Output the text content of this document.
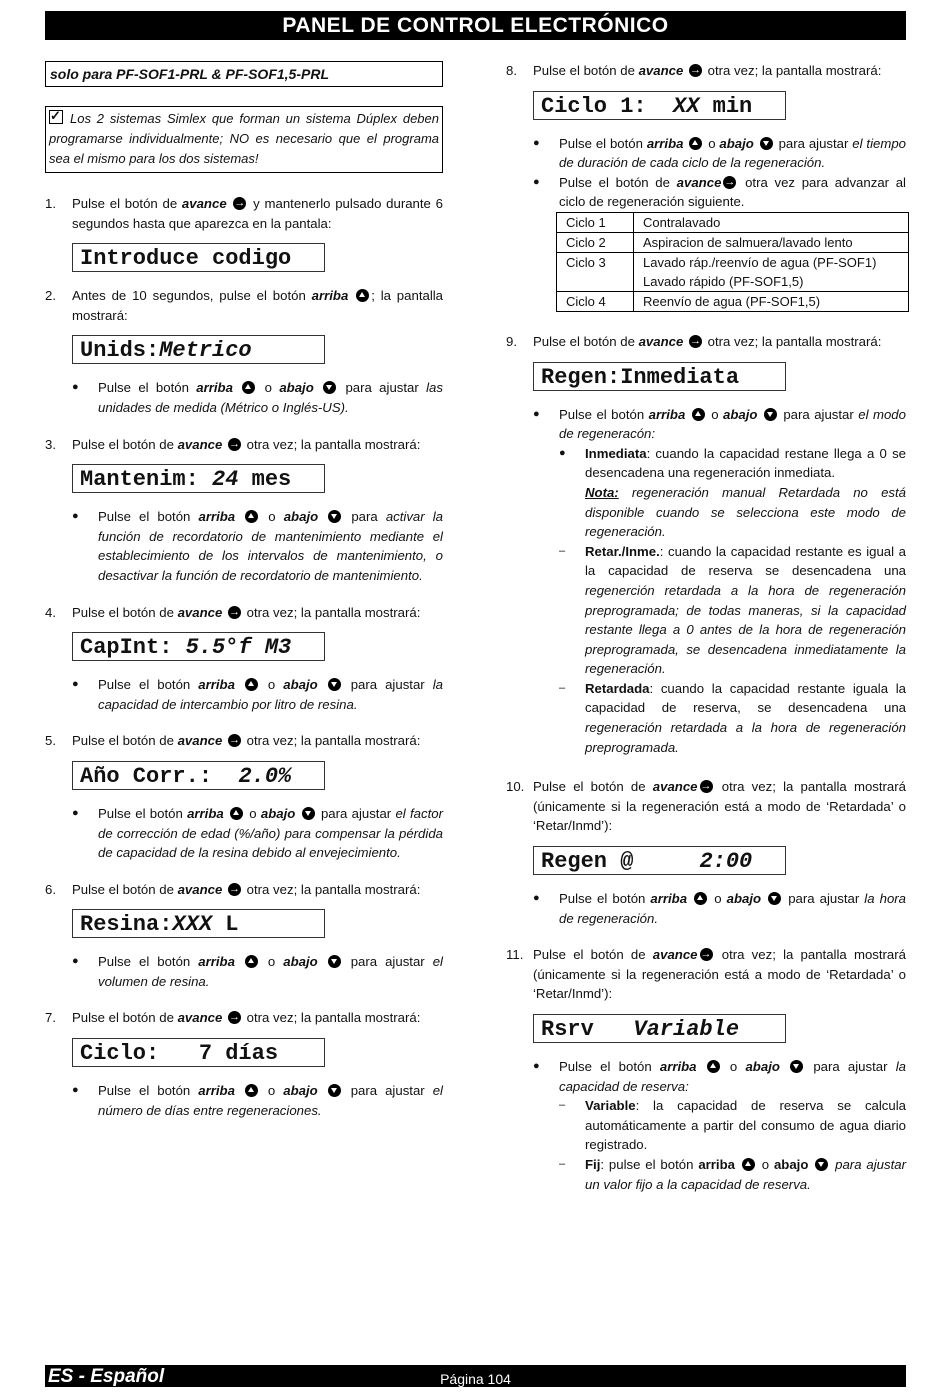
PANEL DE CONTROL ELECTRÓNICO
solo para PF-SOF1-PRL & PF-SOF1,5-PRL
✓Los 2 sistemas Simlex que forman un sistema Dúplex deben programarse individualmente; NO es necesario que el programa sea el mismo para los dos sistemas!
1.	Pulse el botón de avance → y mantenerlo pulsado durante 6 segundos hasta que aparezca en la pantala:
Introduce codigo
2.	Antes de 10 segundos, pulse el botón arriba ; la pantalla mostrará:
Unids:Metrico
●	Pulse el botón arriba o abajo para ajustar las unidades de medida (Métrico o Inglés-US).
3.	Pulse el botón de avance → otra vez; la pantalla mostrará:
Mantenim: 24 mes
●	Pulse el botón arriba	o abajo	para activar la función de recordatorio de mantenimiento mediante el establecimiento de los intervalos de mantenimiento, o desactivar la función de recordatorio de mantenimiento.
4.	Pulse el botón de avance → otra vez; la pantalla mostrará:
CapInt: 5.5°f M3
●	Pulse el botón arriba	o abajo	para ajustar la capacidad de intercambio por litro de resina.
5.	Pulse el botón de avance → otra vez; la pantalla mostrará:
Año Corr.:  2.0%
●	Pulse el botón arriba o abajo para ajustar el factor de corrección de edad (%/año) para compensar la pérdida de capacidad de la resina debido al envejecimiento.
6.	Pulse el botón de avance → otra vez; la pantalla mostrará:
Resina:XXX L
●	Pulse el botón arriba	o abajo	para ajustar el volumen de resina.
7.	Pulse el botón de avance → otra vez; la pantalla mostrará:
Ciclo:   7 días
●	Pulse el botón arriba	o abajo	para ajustar el número de días entre regeneraciones.
8.	Pulse el botón de avance → otra vez; la pantalla mostrará:
Ciclo 1:  XX min
●	Pulse el botón arriba o abajo para ajustar el tiempo de duración de cada ciclo de la regeneración.
●	Pulse el botón de avance → otra vez para advanzar al ciclo de regeneración siguiente.
Ciclo 1	Contralavado
Ciclo 2	Aspiracion de salmuera/lavado lento
Ciclo 3	Lavado ráp./reenvío de agua (PF-SOF1)
Lavado rápido (PF-SOF1,5)

Ciclo 4	Reenvío de agua (PF-SOF1,5)
9.	Pulse el botón de avance → otra vez; la pantalla mostrará:
Regen:Inmediata
●	Pulse el botón arriba o abajo para ajustar el modo de regeneracón:
●	Inmediata: cuando la capacidad restane llega a 0 se desencadena una regeneración inmediata.
Nota: regeneración manual Retardada no está disponible cuando se selecciona este modo de regeneración.
–	Retar./Inme.: cuando la capacidad restante es igual a la capacidad de reserva se desencadena una regenerción retardada a la hora de regeneración preprogramada; de todas maneras, si la capacidad restante llega a 0 antes de la hora de regeneración preprogramada, se desencadena inmediatamente la regeneración.
–	Retardada: cuando la capacidad restante iguala la capacidad de reserva, se desencadena una regeneración retardada a la hora de regeneración preprogramada.
10. Pulse el botón de avance → otra vez; la pantalla mostrará (únicamente si la regeneración está a modo de ‘Retardada’ o ‘Retar/Inmd’):
Regen @     2:00
●	Pulse el botón arriba o abajo para ajustar la hora de regeneración.
11. Pulse el botón de avance → otra vez; la pantalla mostrará (únicamente si la regeneración está a modo de ‘Retardada’ o ‘Retar/Inmd’):
Rsrv   Variable
●	Pulse el botón arriba	o abajo	para ajustar la capacidad de reserva:
–	Variable: la capacidad de reserva se calcula automáticamente a partir del consumo de agua diario registrado.
–	Fij: pulse el botón arriba o abajo para ajustar un valor fijo a la capacidad de reserva.
Página 104
ES - Español
